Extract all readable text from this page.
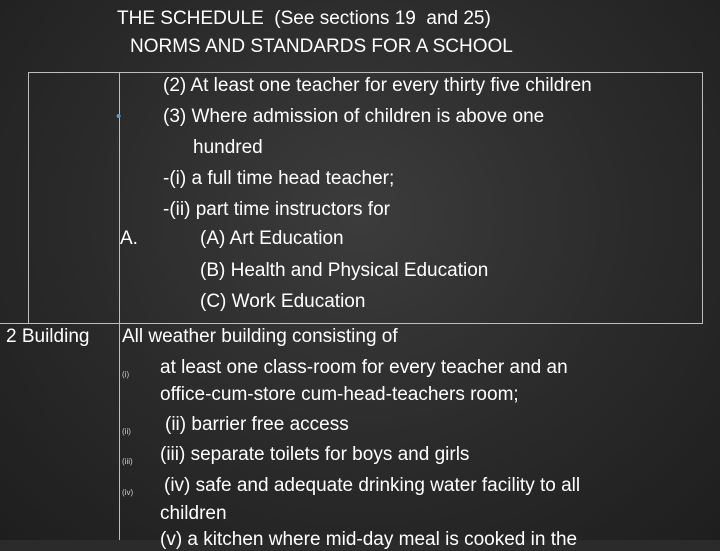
THE SCHEDULE  (See sections 19  and 25)
NORMS AND STANDARDS FOR A SCHOOL
•
A.
(2) At least one teacher for every thirty five children
(3) Where admission of children is above one
hundred
-(i) a full time head teacher;
-(ii) part time instructors for
(A) Art Education
(B) Health and Physical Education
(C) Work Education
2 Building All weather building consisting of
(i)
(ii)
(iii)
(iv)
at least one class-room for every teacher and an
office-cum-store cum-head-teachers room;
(ii) barrier free access
(iii) separate toilets for boys and girls
(iv) safe and adequate drinking water facility to all
children
(v) a kitchen where mid-day meal is cooked in the
